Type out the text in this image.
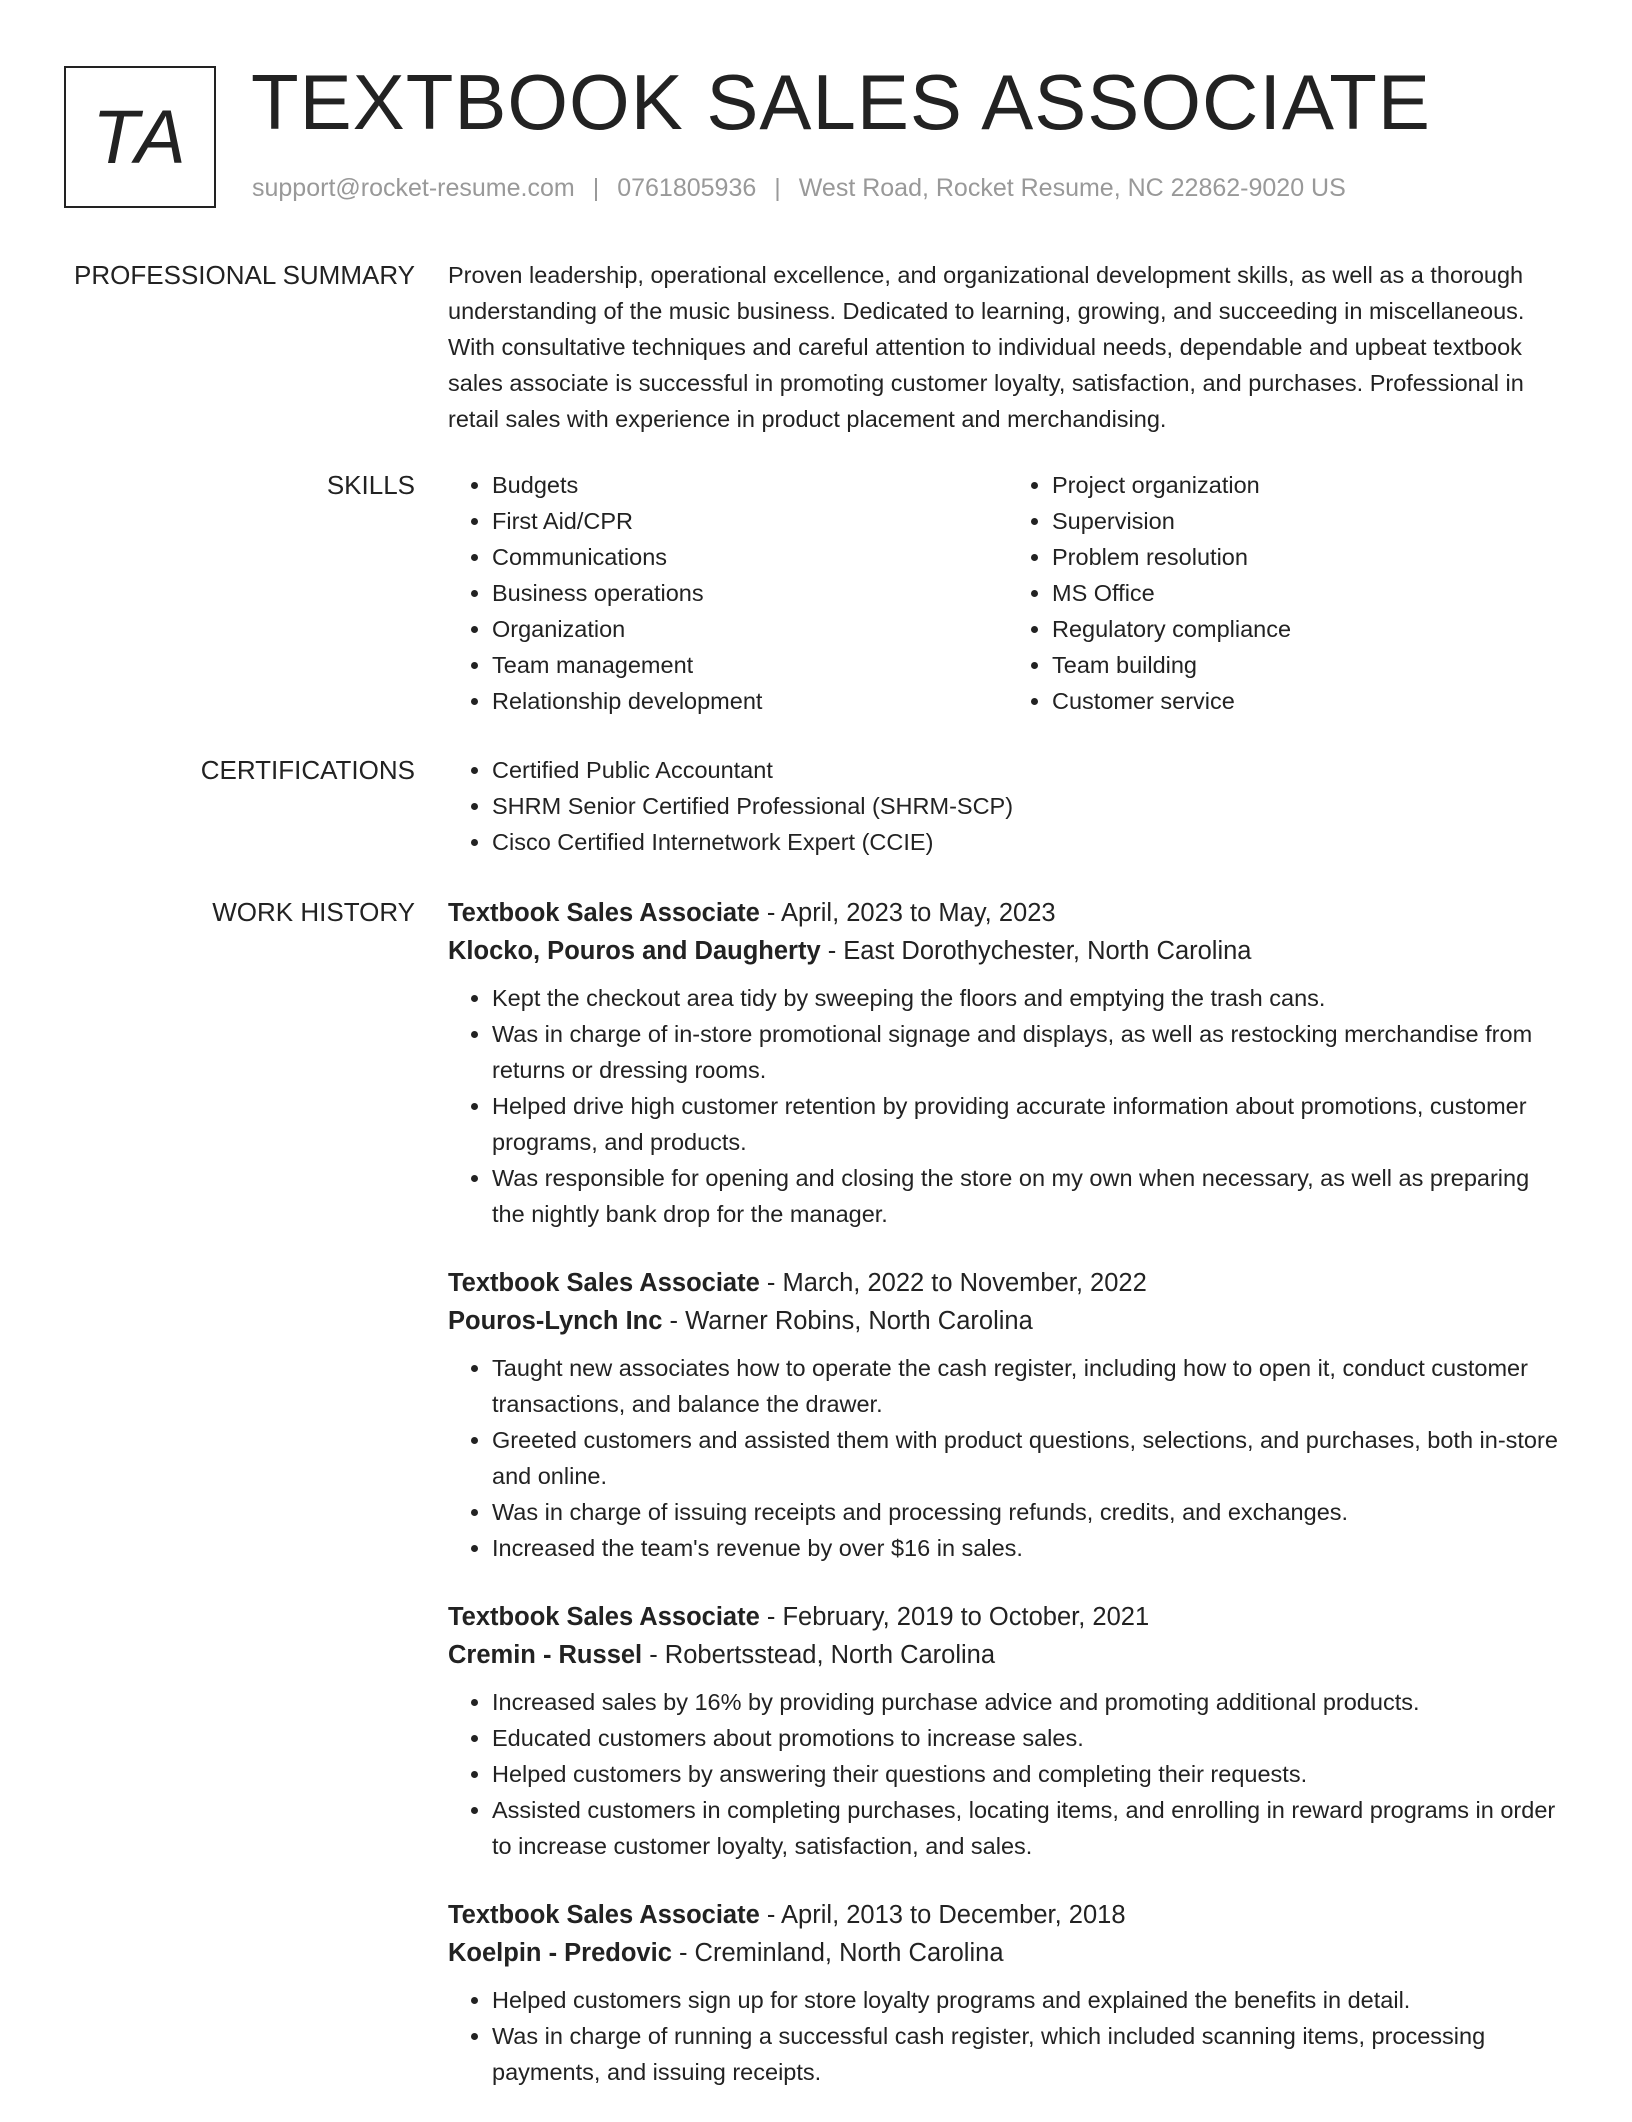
TA TEXTBOOK SALES ASSOCIATE
support@rocket-resume.com | 0761805936 | West Road, Rocket Resume, NC 22862-9020 US
PROFESSIONAL SUMMARY Proven leadership, operational excellence, and organizational development skills, as well as a thorough understanding of the music business. Dedicated to learning, growing, and succeeding in miscellaneous. With consultative techniques and careful attention to individual needs, dependable and upbeat textbook sales associate is successful in promoting customer loyalty, satisfaction, and purchases. Professional in retail sales with experience in product placement and merchandising.

SKILLS	• Budgets
• First Aid/CPR
• Communications
• Business operations
• Organization
• Team management
• Relationship development
• Project organization
• Supervision
• Problem resolution
• MS Office
• Regulatory compliance
• Team building
• Customer service
CERTIFICATIONS	• Certified Public Accountant
• SHRM Senior Certified Professional (SHRM-SCP)
• Cisco Certified Internetwork Expert (CCIE)
WORK HISTORY Textbook Sales Associate - April, 2023 to May, 2023
Klocko, Pouros and Daugherty - East Dorothychester, North Carolina
• Kept the checkout area tidy by sweeping the floors and emptying the trash cans.
• Was in charge of in-store promotional signage and displays, as well as restocking merchandise from returns or dressing rooms.
• Helped drive high customer retention by providing accurate information about promotions, customer programs, and products.
• Was responsible for opening and closing the store on my own when necessary, as well as preparing the nightly bank drop for the manager.
Textbook Sales Associate - March, 2022 to November, 2022
Pouros-Lynch Inc - Warner Robins, North Carolina
• Taught new associates how to operate the cash register, including how to open it, conduct customer transactions, and balance the drawer.
• Greeted customers and assisted them with product questions, selections, and purchases, both in-store and online.
• Was in charge of issuing receipts and processing refunds, credits, and exchanges.
• Increased the team's revenue by over $16 in sales.
Textbook Sales Associate - February, 2019 to October, 2021
Cremin - Russel - Robertsstead, North Carolina
• Increased sales by 16% by providing purchase advice and promoting additional products.
• Educated customers about promotions to increase sales.
• Helped customers by answering their questions and completing their requests.
• Assisted customers in completing purchases, locating items, and enrolling in reward programs in order to increase customer loyalty, satisfaction, and sales.
Textbook Sales Associate - April, 2013 to December, 2018
Koelpin - Predovic - Creminland, North Carolina
• Helped customers sign up for store loyalty programs and explained the benefits in detail.
• Was in charge of running a successful cash register, which included scanning items, processing payments, and issuing receipts.
